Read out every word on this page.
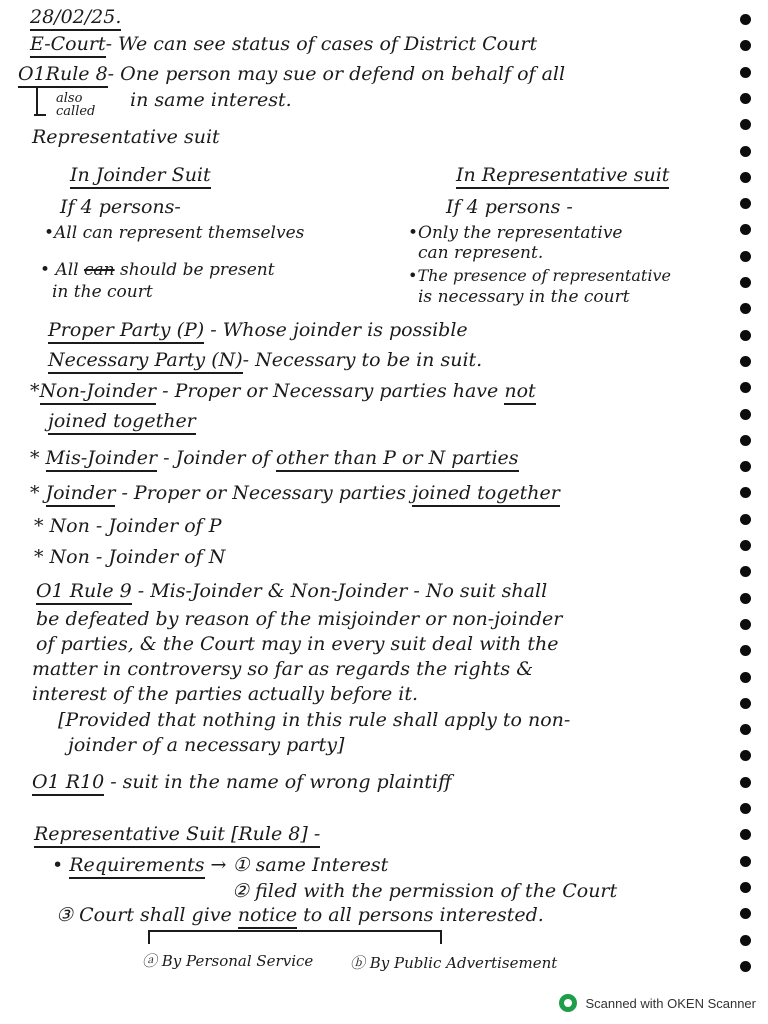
28/02/25.
E-Court- We can see status of cases of District Court
O1Rule 8- One person may sue or defend on behalf of all
also called
in same interest.
Representative suit
In Joinder Suit
If 4 persons-
•All can represent themselves
• All can should be present
in the court
In Representative suit
If 4 persons -
•Only the representative
can represent.
•The presence of representative
is necessary in the court
Proper Party (P) - Whose joinder is possible
Necessary Party (N)- Necessary to be in suit.
*Non-Joinder - Proper or Necessary parties have not
joined together
* Mis-Joinder - Joinder of other than P or N parties
* Joinder - Proper or Necessary parties joined together
* Non - Joinder of P
* Non - Joinder of N
O1 Rule 9 - Mis-Joinder & Non-Joinder - No suit shall
be defeated by reason of the misjoinder or non-joinder
of parties, & the Court may in every suit deal with the
matter in controversy so far as regards the rights &
interest of the parties actually before it.
[Provided that nothing in this rule shall apply to non-
joinder of a necessary party]
O1 R10 - suit in the name of wrong plaintiff
Representative Suit [Rule 8] -
• Requirements → ① same Interest
② filed with the permission of the Court
③ Court shall give notice to all persons interested.
ⓐ By Personal Service ⓑ By Public Advertisement
Scanned with OKEN Scanner
